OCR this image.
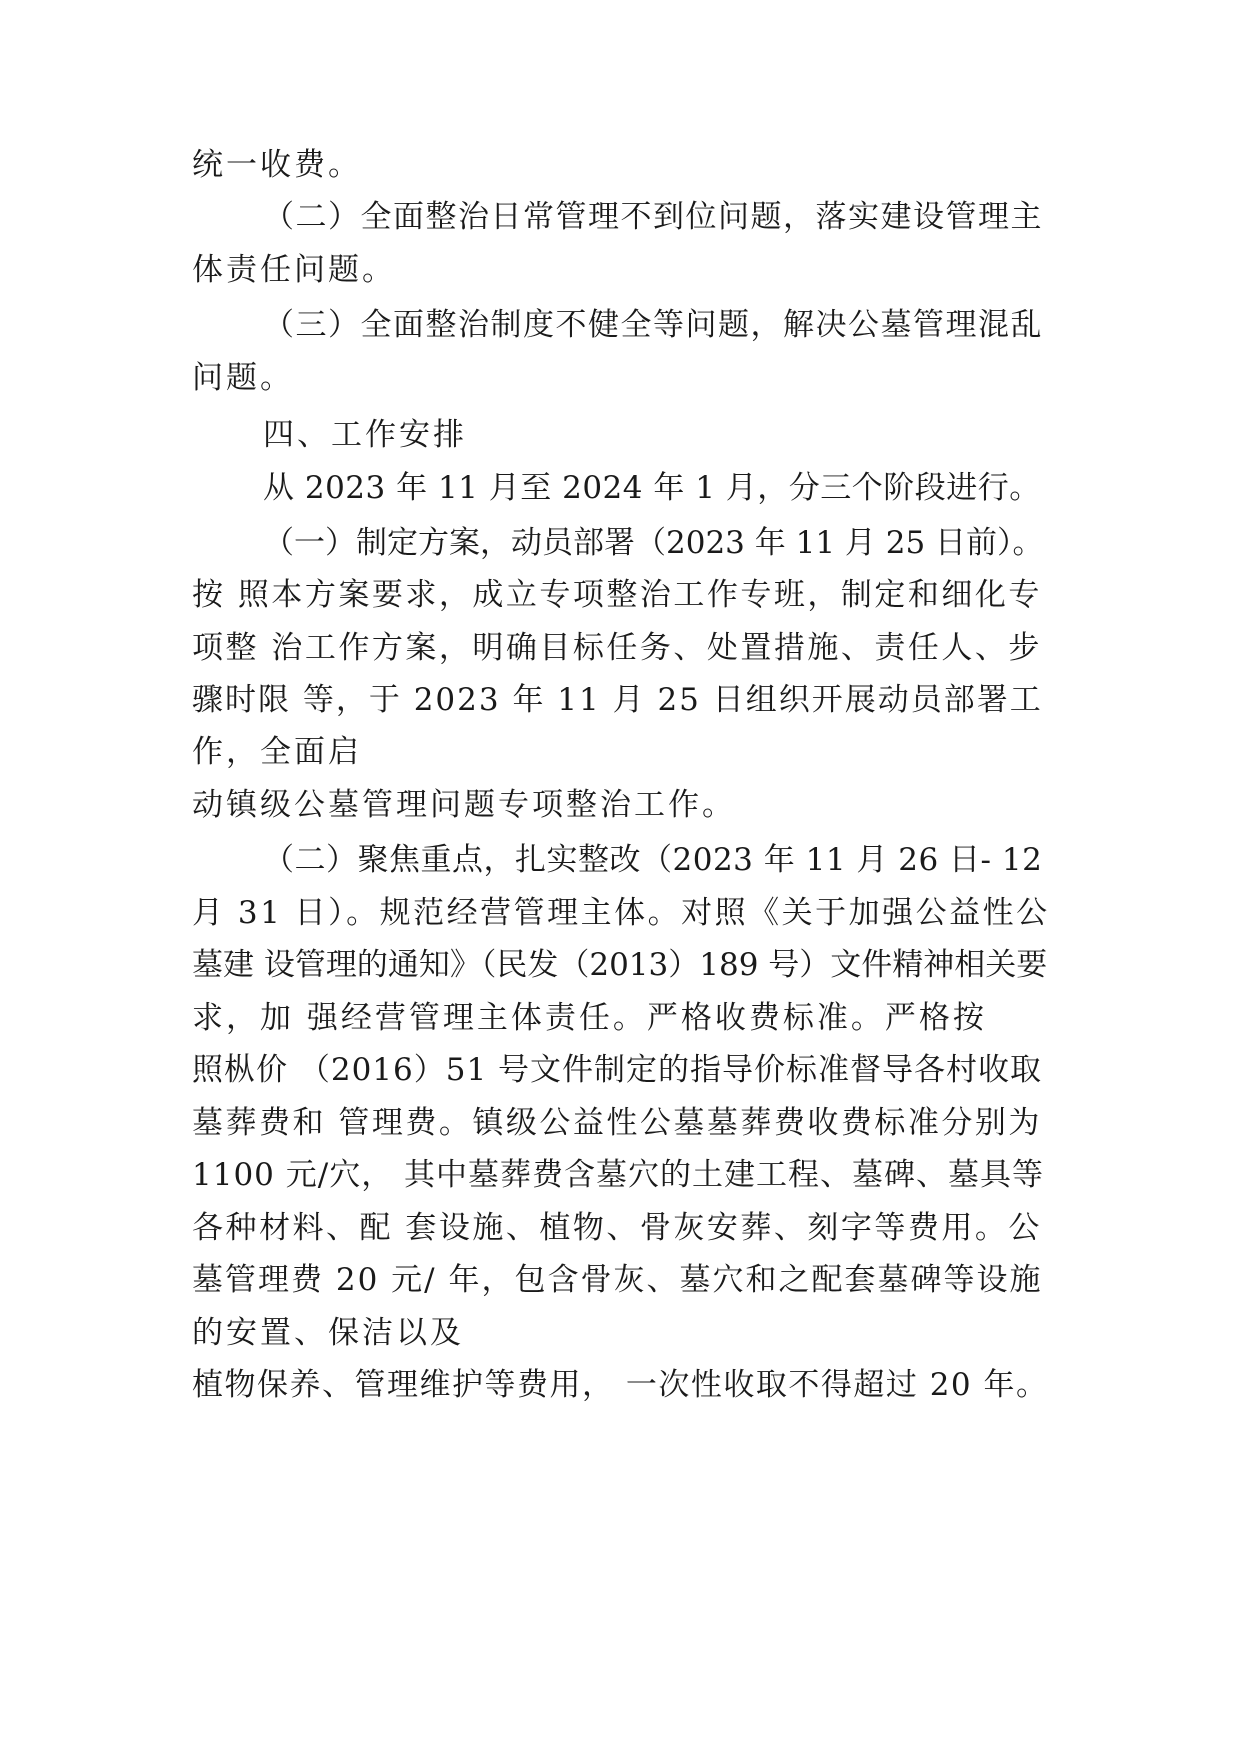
统一收费。
（二）全面整治日常管理不到位问题，落实建设管理主
体责任问题。
（三）全面整治制度不健全等问题，解决公墓管理混乱
问题。
四、工作安排
从 2023 年 11 月至 2024 年 1 月，分三个阶段进行。
（一）制定方案，动员部署（2023 年 11 月 25 日前）。
按 照本方案要求，成立专项整治工作专班，制定和细化专
项整 治工作方案，明确目标任务、处置措施、责任人、步
骤时限 等，于 2023 年 11 月 25 日组织开展动员部署工
作，全面启
动镇级公墓管理问题专项整治工作。
（二）聚焦重点，扎实整改（2023 年 11 月 26 日- 12
月 31 日）。规范经营管理主体。对照《关于加强公益性公
墓建 设管理的通知》（民发（2013）189 号）文件精神相关要
求，加 强经营管理主体责任。严格收费标准。严格按
照枞价 （2016）51 号文件制定的指导价标准督导各村收取
墓葬费和 管理费。镇级公益性公墓墓葬费收费标准分别为
1100 元/穴， 其中墓葬费含墓穴的土建工程、墓碑、墓具等
各种材料、配 套设施、植物、骨灰安葬、刻字等费用。公
墓管理费 20 元/ 年，包含骨灰、墓穴和之配套墓碑等设施
的安置、保洁以及
植物保养、管理维护等费用， 一次性收取不得超过 20 年。
